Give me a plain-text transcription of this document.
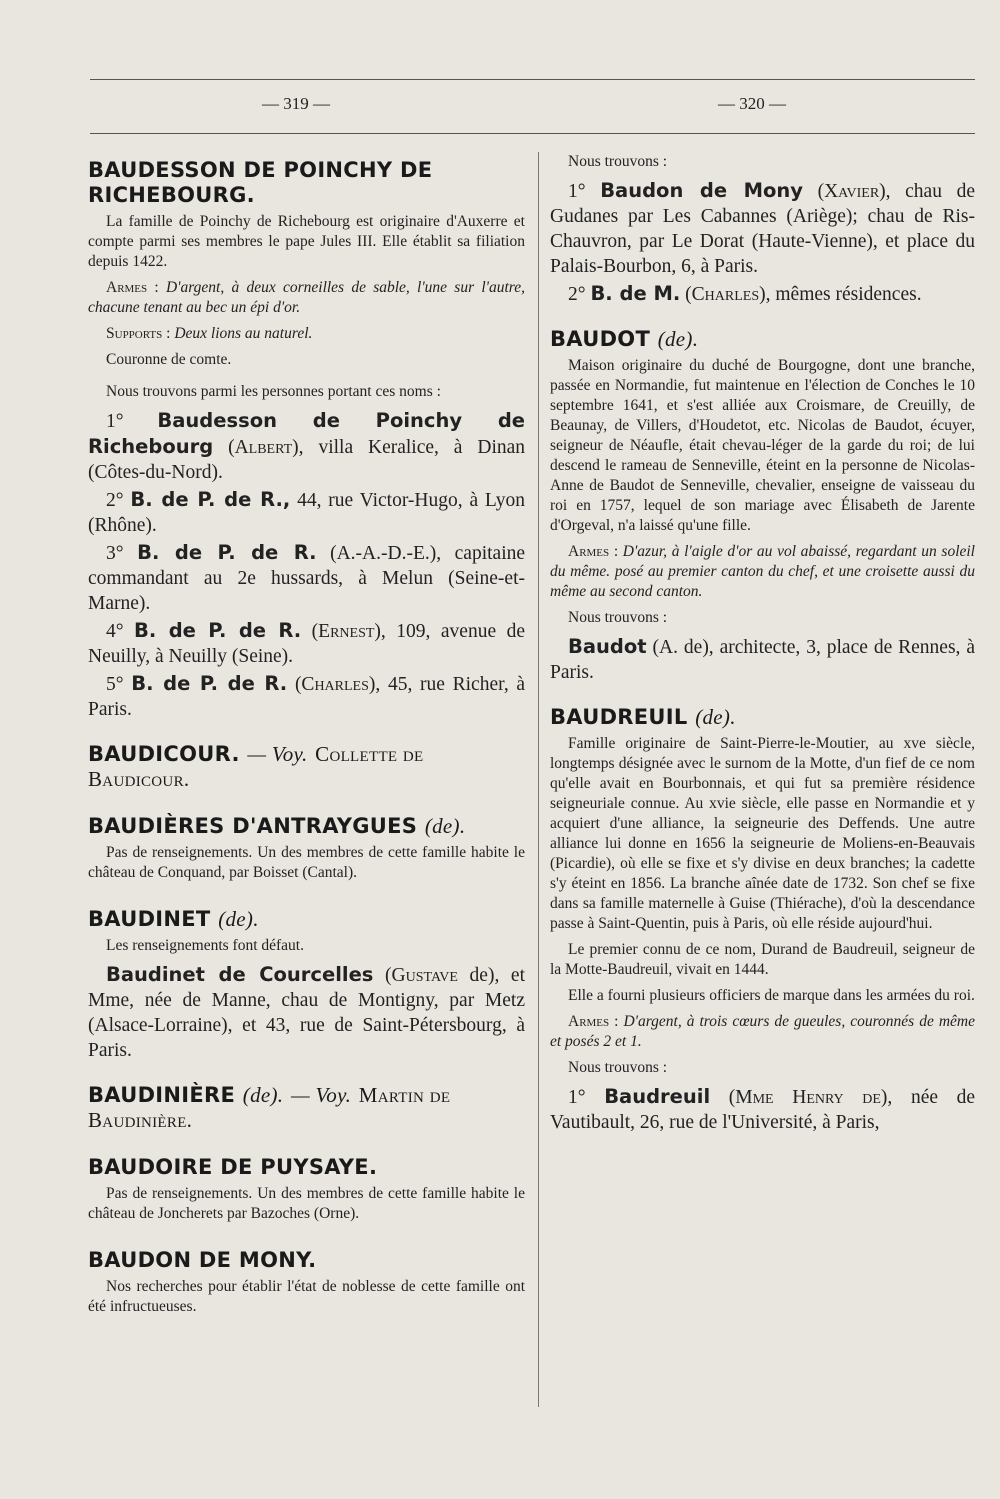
— 319 —	— 320 —
BAUDESSON DE POINCHY DE RICHEBOURG.

La famille de Poinchy de Richebourg est originaire d'Auxerre et compte parmi ses membres le pape Jules III. Elle établit sa filiation depuis 1422.

Armes : D'argent, à deux corneilles de sable, l'une sur l'autre, chacune tenant au bec un épi d'or.

Supports : Deux lions au naturel.

Couronne de comte.

Nous trouvons parmi les personnes portant ces noms :

1° Baudesson de Poinchy de Richebourg (Albert), villa Keralice, à Dinan (Côtes-du-Nord).

2° B. de P. de R., 44, rue Victor-Hugo, à Lyon (Rhône).

3° B. de P. de R. (A.-A.-D.-E.), capitaine commandant au 2e hussards, à Melun (Seine-et-Marne).

4° B. de P. de R. (Ernest), 109, avenue de Neuilly, à Neuilly (Seine).

5° B. de P. de R. (Charles), 45, rue Richer, à Paris.

BAUDICOUR. — Voy. Collette de Baudicour.
BAUDIÈRES D'ANTRAYGUES (de).

Pas de renseignements. Un des membres de cette famille habite le château de Conquand, par Boisset (Cantal).

BAUDINET (de).

Les renseignements font défaut.

Baudinet de Courcelles (Gustave de), et Mme, née de Manne, chau de Montigny, par Metz (Alsace-Lorraine), et 43, rue de Saint-Pétersbourg, à Paris.

BAUDINIÈRE (de). — Voy. Martin de Baudinière.
BAUDOIRE DE PUYSAYE.

Pas de renseignements. Un des membres de cette famille habite le château de Joncherets par Bazoches (Orne).

BAUDON DE MONY.

Nos recherches pour établir l'état de noblesse de cette famille ont été infructueuses.

Nous trouvons :

1° Baudon de Mony (Xavier), chau de Gudanes par Les Cabannes (Ariège); chau de Ris-Chauvron, par Le Dorat (Haute-Vienne), et place du Palais-Bourbon, 6, à Paris.

2° B. de M. (Charles), mêmes résidences.

BAUDOT (de).

Maison originaire du duché de Bourgogne, dont une branche, passée en Normandie, fut maintenue en l'élection de Conches le 10 septembre 1641, et s'est alliée aux Croismare, de Creuilly, de Beaunay, de Villers, d'Houdetot, etc. Nicolas de Baudot, écuyer, seigneur de Néaufle, était chevau-léger de la garde du roi; de lui descend le rameau de Senneville, éteint en la personne de Nicolas-Anne de Baudot de Senneville, chevalier, enseigne de vaisseau du roi en 1757, lequel de son mariage avec Élisabeth de Jarente d'Orgeval, n'a laissé qu'une fille.

Armes : D'azur, à l'aigle d'or au vol abaissé, regardant un soleil du même. posé au premier canton du chef, et une croisette aussi du même au second canton.

Nous trouvons :

Baudot (A. de), architecte, 3, place de Rennes, à Paris.

BAUDREUIL (de).

Famille originaire de Saint-Pierre-le-Moutier, au xve siècle, longtemps désignée avec le surnom de la Motte, d'un fief de ce nom qu'elle avait en Bourbonnais, et qui fut sa première résidence seigneuriale connue. Au xvie siècle, elle passe en Normandie et y acquiert d'une alliance, la seigneurie des Deffends. Une autre alliance lui donne en 1656 la seigneurie de Moliens-en-Beauvais (Picardie), où elle se fixe et s'y divise en deux branches; la cadette s'y éteint en 1856. La branche aînée date de 1732. Son chef se fixe dans sa famille maternelle à Guise (Thiérache), d'où la descendance passe à Saint-Quentin, puis à Paris, où elle réside aujourd'hui.

Le premier connu de ce nom, Durand de Baudreuil, seigneur de la Motte-Baudreuil, vivait en 1444.

Elle a fourni plusieurs officiers de marque dans les armées du roi.

Armes : D'argent, à trois cœurs de gueules, couronnés de même et posés 2 et 1.

Nous trouvons :

1° Baudreuil (Mme Henry de), née de Vautibault, 26, rue de l'Université, à Paris,
